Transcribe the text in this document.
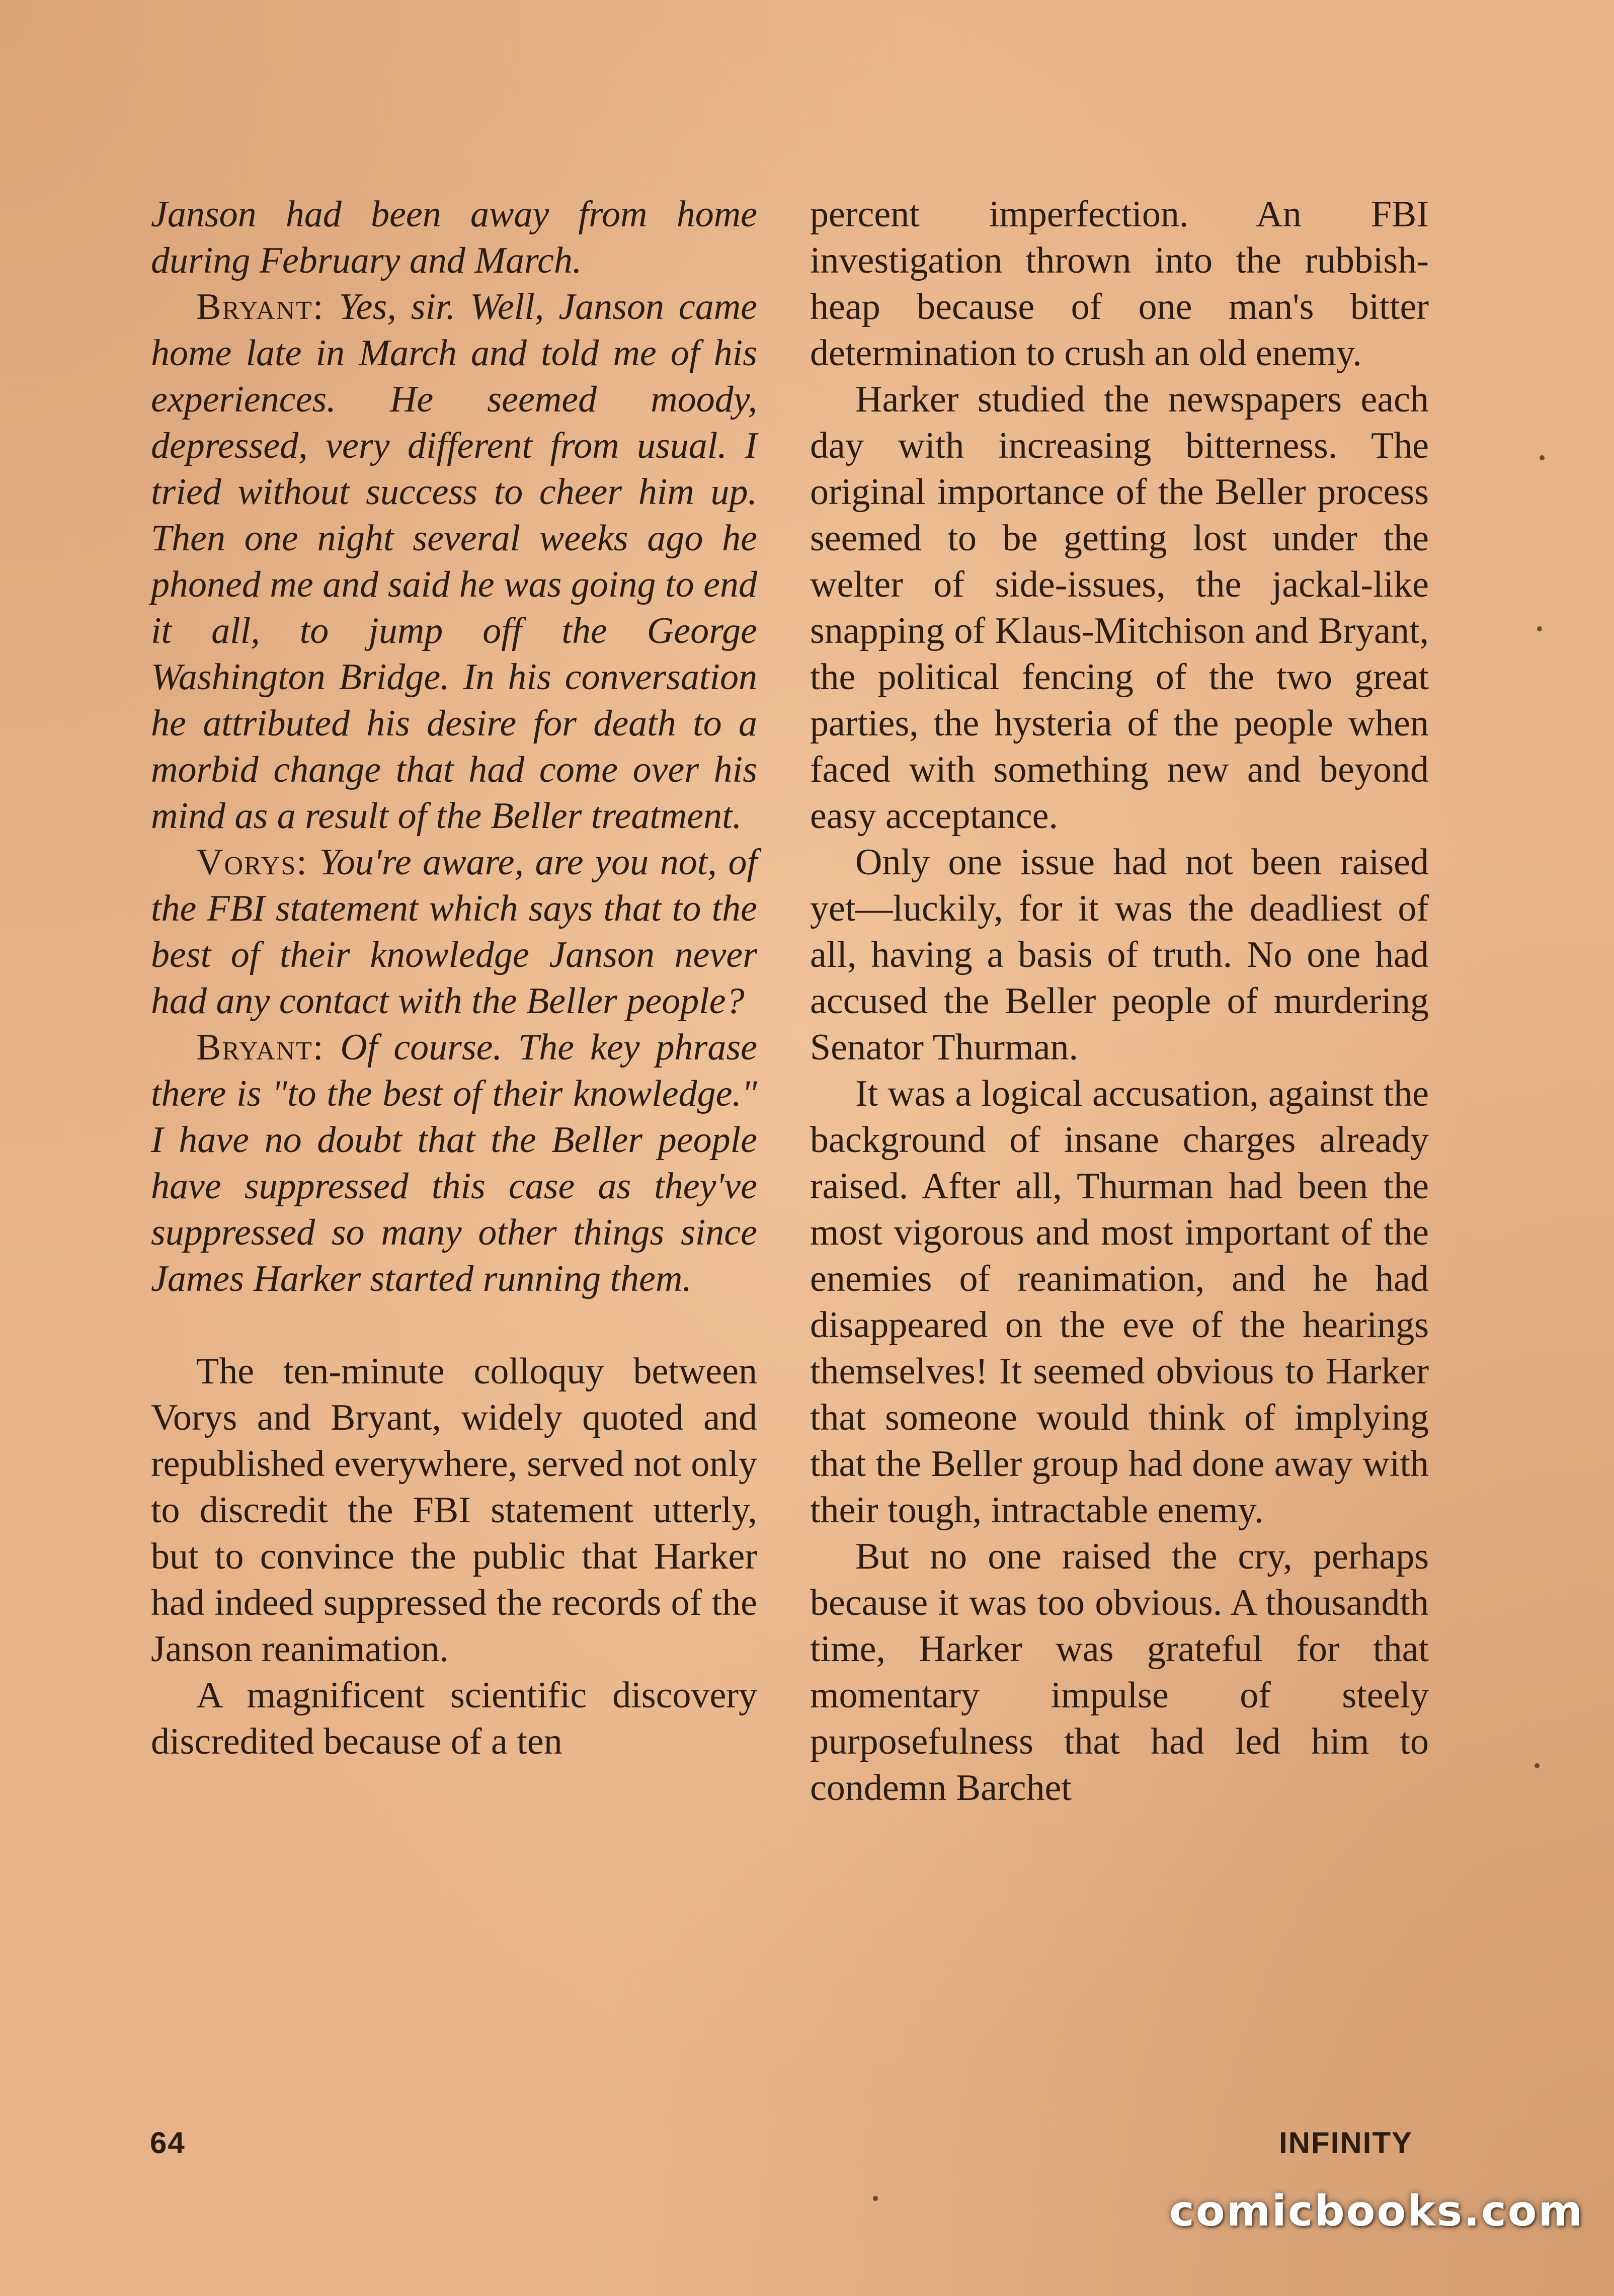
Janson had been away from home during February and March.

Bryant: Yes, sir. Well, Janson came home late in March and told me of his experiences. He seemed moody, depressed, very different from usual. I tried without success to cheer him up. Then one night several weeks ago he phoned me and said he was going to end it all, to jump off the George Washington Bridge. In his conversation he attributed his desire for death to a morbid change that had come over his mind as a result of the Beller treatment.

Vorys: You're aware, are you not, of the FBI statement which says that to the best of their knowledge Janson never had any contact with the Beller people?

Bryant: Of course. The key phrase there is "to the best of their knowledge." I have no doubt that the Beller people have suppressed this case as they've suppressed so many other things since James Harker started running them.

The ten-minute colloquy between Vorys and Bryant, widely quoted and republished everywhere, served not only to discredit the FBI statement utterly, but to convince the public that Harker had indeed suppressed the records of the Janson reanimation.

A magnificent scientific discovery discredited because of a ten

percent imperfection. An FBI investigation thrown into the rubbish-heap because of one man's bitter determination to crush an old enemy.

Harker studied the newspapers each day with increasing bitterness. The original importance of the Beller process seemed to be getting lost under the welter of side-issues, the jackal-like snapping of Klaus-Mitchison and Bryant, the political fencing of the two great parties, the hysteria of the people when faced with something new and beyond easy acceptance.

Only one issue had not been raised yet—luckily, for it was the deadliest of all, having a basis of truth. No one had accused the Beller people of murdering Senator Thurman.

It was a logical accusation, against the background of insane charges already raised. After all, Thurman had been the most vigorous and most important of the enemies of reanimation, and he had disappeared on the eve of the hearings themselves! It seemed obvious to Harker that someone would think of implying that the Beller group had done away with their tough, intractable enemy.

But no one raised the cry, perhaps because it was too obvious. A thousandth time, Harker was grateful for that momentary impulse of steely purposefulness that had led him to condemn Barchet

64	INFINITY
comicbooks.com
